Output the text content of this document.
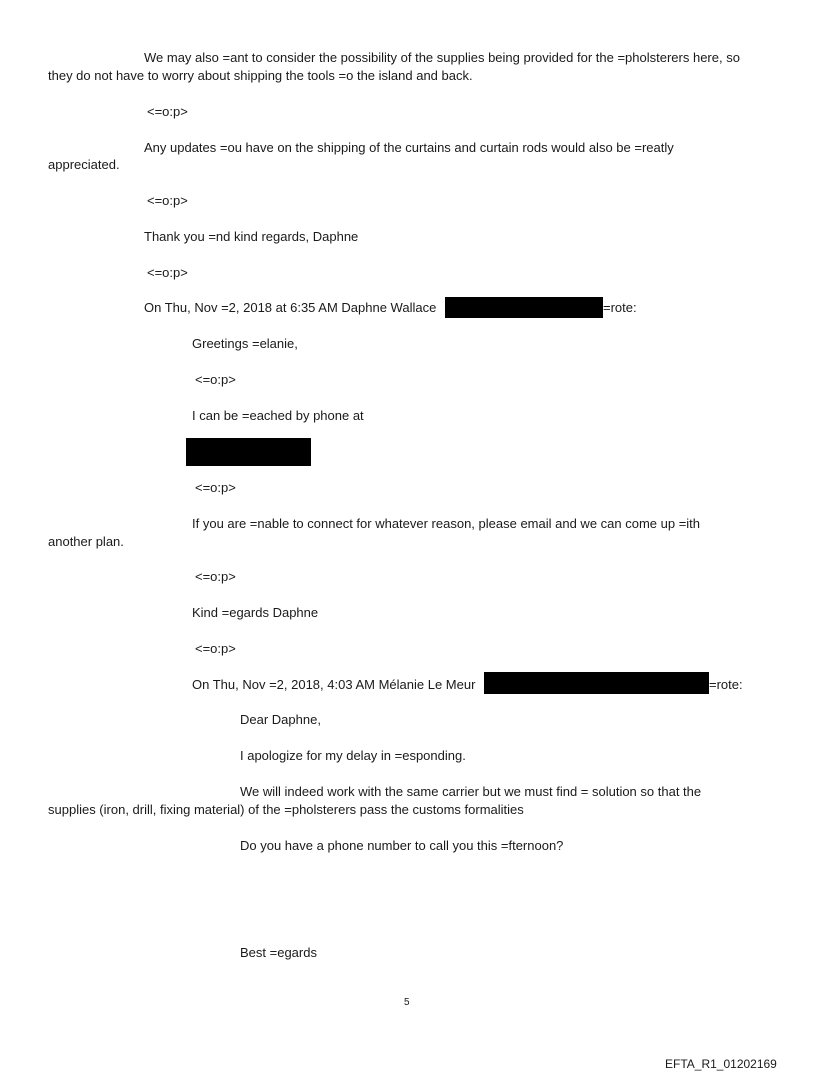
We may also =ant to consider the possibility of the supplies being provided for the =pholsterers here, so
they do not have to worry about shipping the tools =o the island and back.
<=o:p>
Any updates =ou have on the shipping of the curtains and curtain rods would also be =reatly
appreciated.
<=o:p>
Thank you =nd kind regards, Daphne
<=o:p>
On Thu, Nov =2, 2018 at 6:35 AM Daphne Wallace	=rote:
Greetings =elanie,
<=o:p>
I can be =eached by phone at
<=o:p>
If you are =nable to connect for whatever reason, please email and we can come up =ith
another plan.
<=o:p>
Kind =egards Daphne
<=o:p>
On Thu, Nov =2, 2018, 4:03 AM Mélanie Le Meur	=rote:
Dear Daphne,
I apologize for my delay in =esponding.
We will indeed work with the same carrier but we must find = solution so that the
supplies (iron, drill, fixing material) of the =pholsterers pass the customs formalities
Do you have a phone number to call you this =fternoon?
Best =egards
5
EFTA_R1_01202169
